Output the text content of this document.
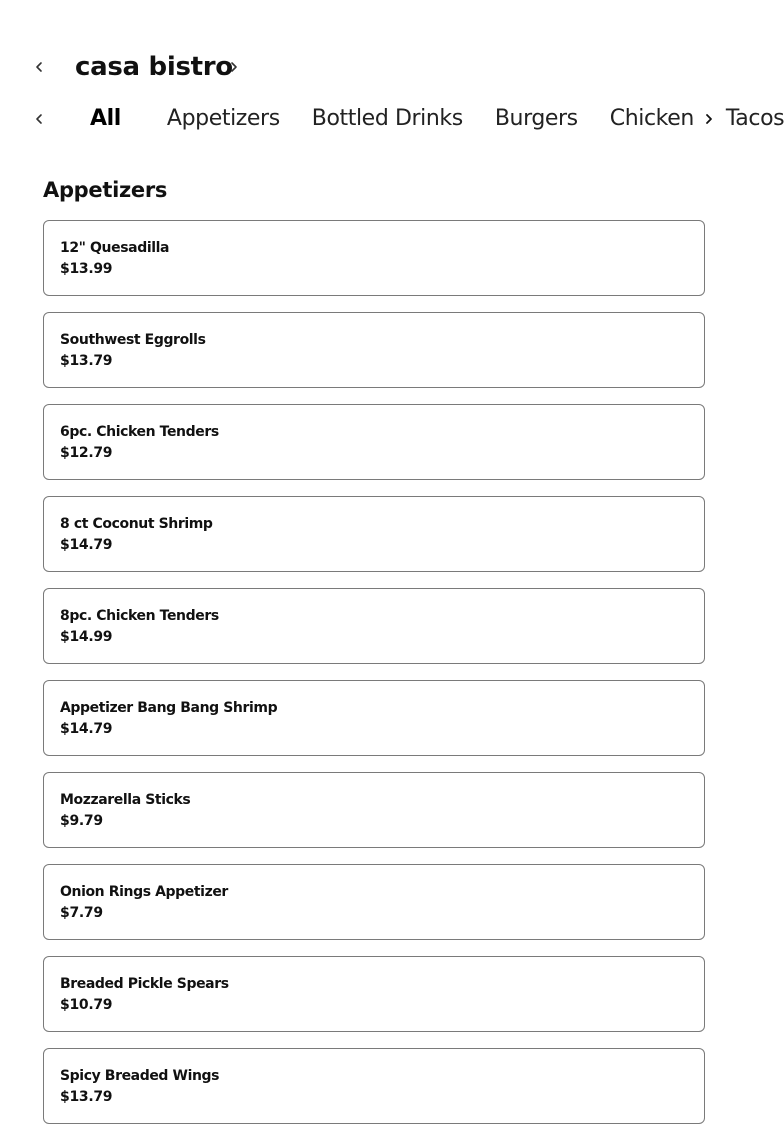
casa bistro
All Appetizers Bottled Drinks Burgers Chicken Tacos
Appetizers
12" Quesadilla
$13.99
Southwest Eggrolls
$13.79
6pc. Chicken Tenders
$12.79
8 ct Coconut Shrimp
$14.79
8pc. Chicken Tenders
$14.99
Appetizer Bang Bang Shrimp
$14.79
Mozzarella Sticks
$9.79
Onion Rings Appetizer
$7.79
Breaded Pickle Spears
$10.79
Spicy Breaded Wings
$13.79
